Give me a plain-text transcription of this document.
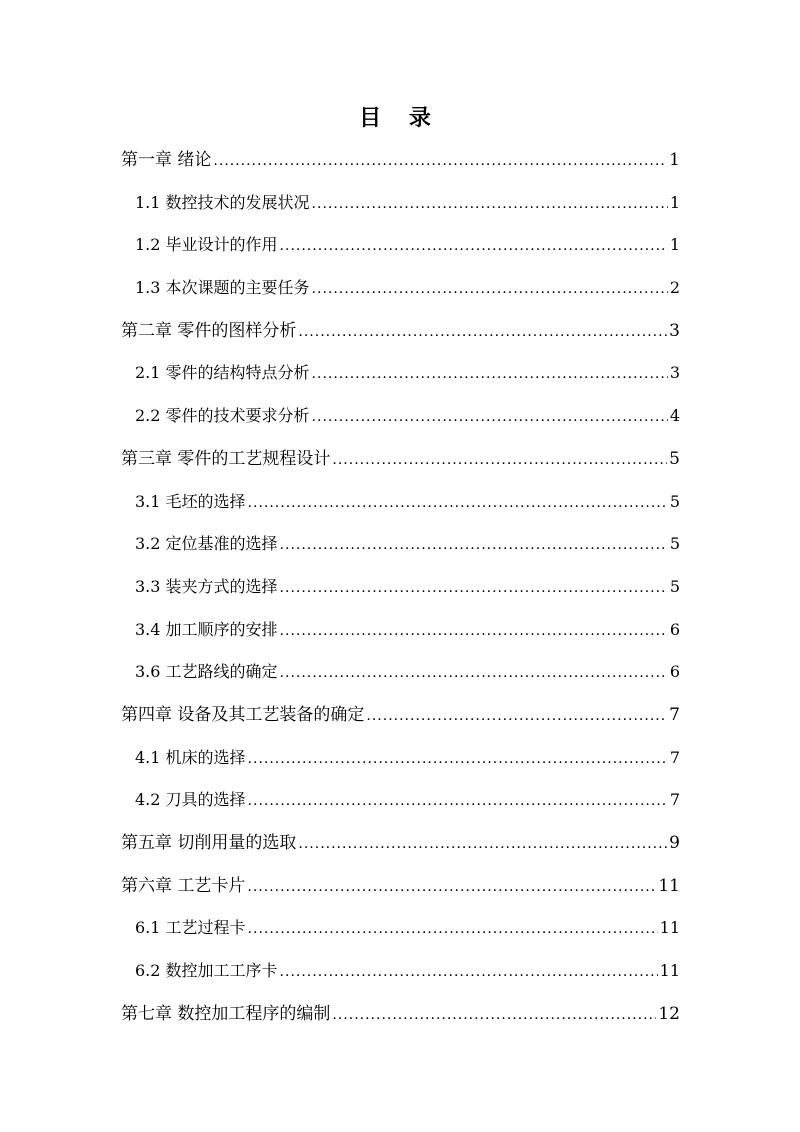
目 录
第一章 绪论 .....	1
1.1 数控技术的发展状况 .....	1
1.2 毕业设计的作用 .....	1
1.3 本次课题的主要任务 .....	2
第二章 零件的图样分析 .....	3
2.1 零件的结构特点分析 .....	3
2.2 零件的技术要求分析 .....	4
第三章 零件的工艺规程设计 .....	5
3.1 毛坯的选择 .....	5
3.2 定位基准的选择 .....	5
3.3 装夹方式的选择 .....	5
3.4 加工顺序的安排 .....	6
3.6 工艺路线的确定 .....	6
第四章 设备及其工艺装备的确定 .....	7
4.1 机床的选择 .....	7
4.2 刀具的选择 .....	7
第五章 切削用量的选取 .....	9
第六章 工艺卡片 .....	11
6.1 工艺过程卡 .....	11
6.2 数控加工工序卡 .....	11
第七章 数控加工程序的编制 .....	12
